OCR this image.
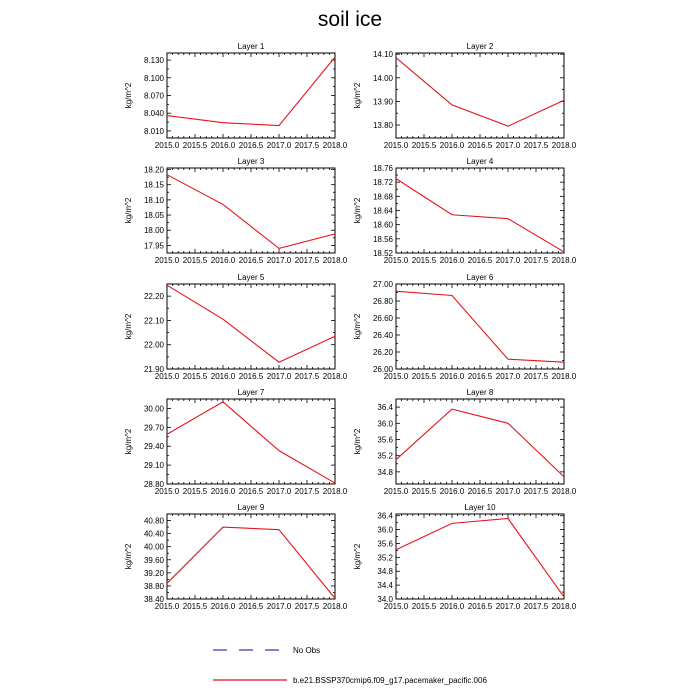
soil ice
No Obs
b.e21.BSSP370cmip6.f09_g17.pacemaker_pacific.006
Layer 1
kg/m^2
2015.0 2015.5 2016.0 2016.5 2017.0 2017.5 2018.0
8.010
8.040
8.070
8.100
8.130
Layer 2
kg/m^2
2015.0 2015.5 2016.0 2016.5 2017.0 2017.5 2018.0
13.80
13.90
14.00
14.10
Layer 3
kg/m^2
2015.0 2015.5 2016.0 2016.5 2017.0 2017.5 2018.0
17.95
18.00
18.05
18.10
18.15
18.20
Layer 4
kg/m^2
2015.0 2015.5 2016.0 2016.5 2017.0 2017.5 2018.0
18.52
18.56
18.60
18.64
18.68
18.72
18.76
Layer 5
kg/m^2
2015.0 2015.5 2016.0 2016.5 2017.0 2017.5 2018.0
21.90
22.00
22.10
22.20
Layer 6
kg/m^2
2015.0 2015.5 2016.0 2016.5 2017.0 2017.5 2018.0
26.00
26.20
26.40
26.60
26.80
27.00
Layer 7
kg/m^2
2015.0 2015.5 2016.0 2016.5 2017.0 2017.5 2018.0
28.80
29.10
29.40
29.70
30.00
Layer 8
kg/m^2
2015.0 2015.5 2016.0 2016.5 2017.0 2017.5 2018.0
34.8
35.2
35.6
36.0
36.4
Layer 9
kg/m^2
2015.0 2015.5 2016.0 2016.5 2017.0 2017.5 2018.0
38.40
38.80
39.20
39.60
40.00
40.40
40.80
Layer 10
kg/m^2
2015.0 2015.5 2016.0 2016.5 2017.0 2017.5 2018.0
34.0
34.4
34.8
35.2
35.6
36.0
36.4
